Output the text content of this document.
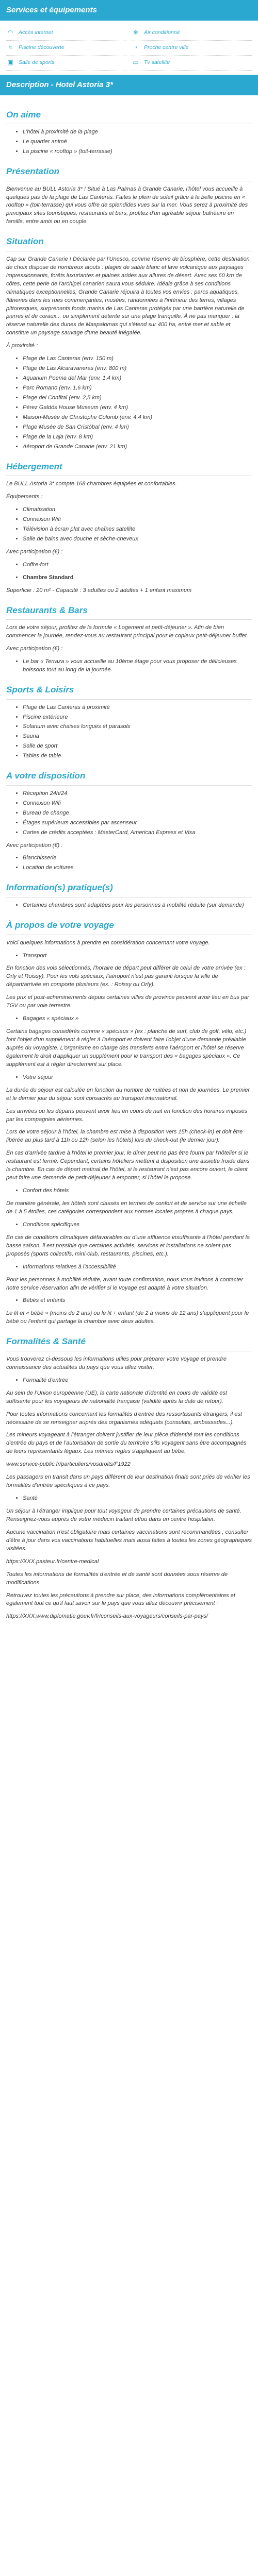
Services et équipements
◠ Accès internet	❄ Air conditionné
≈	Piscine découverte	◔	Proche centre ville
▣ Salle de sports	▭ Tv satellite
Description - Hotel Astoria 3*
On aime
• L'hôtel à proximité de la plage
• Le quartier animé
• La piscine « rooftop » (toit-terrasse)
Présentation

Bienvenue au BULL Astoria 3* ! Situé à Las Palmas à Grande Canarie, l'hôtel vous accueille à quelques pas de la plage de Las Canteras. Faites le plein de soleil grâce à la belle piscine en « rooftop » (toit-terrasse) qui vous offre de splendides vues sur la mer. Vous serez à proximité des principaux sites touristiques, restaurants et bars, profitez d'un agréable séjour balnéaire en famille, entre amis ou en couple.

Situation

Cap sur Grande Canarie ! Déclarée par l'Unesco, comme réserve de biosphère, cette destination de choix dispose de nombreux atouts : plages de sable blanc et lave volcanique aux paysages impressionnants, forêts luxuriantes et plaines arides aux allures de désert. Avec ses 60 km de côtes, cette perle de l'archipel canarien saura vous séduire. Idéale grâce à ses conditions climatiques exceptionnelles, Grande Canarie réjouira à toutes vos envies : parcs aquatiques, flâneries dans les rues commerçantes, musées, randonnées à l'intérieur des terres, villages pittoresques, surprenants fonds marins de Las Canteras protégés par une barrière naturelle de pierres et de coraux... ou simplement détente sur une plage tranquille. À ne pas manquer : la réserve naturelle des dunes de Maspalomas qui s'étend sur 400 ha, entre mer et sable et constitue un paysage sauvage d'une beauté inégalée.

À proximité :

• Plage de Las Canteras (env. 150 m)
• Plage de Las Alcaravaneras (env. 800 m)
• Aquarium Poema del Mar (env. 1,4 km)
• Parc Romano (env. 1,6 km)
• Plage del Confital (env. 2,5 km)
• Pérez Galdós House Museum (env. 4 km)
• Maison-Musée de Christophe Colomb (env. 4,4 km)
• Plage Musée de San Cristóbal (env. 4 km)
• Plage de la Laja (env. 8 km)
• Aéroport de Grande Canarie (env. 21 km)
Hébergement

Le BULL Astoria 3* compte 168 chambres équipées et confortables.

Équipements :

• Climatisation
• Connexion Wifi
• Télévision à écran plat avec chaînes satellite
• Salle de bains avec douche et sèche-cheveux

Avec participation (€) :

• Coffre-fort
• Chambre Standard

Superficie : 20 m² - Capacité : 3 adultes ou 2 adultes + 1 enfant maximum

Restaurants & Bars

Lors de votre séjour, profitez de la formule « Logement et petit-déjeuner ». Afin de bien commencer la journée, rendez-vous au restaurant principal pour le copieux petit-déjeuner buffet.

Avec participation (€) :

• Le bar « Terraza » vous accueille au 10ème étage pour vous proposer de délicieuses boissons tout au long de la journée.
Sports & Loisirs
• Plage de Las Canteras à proximité
• Piscine extérieure
• Solarium avec chaises longues et parasols
• Sauna
• Salle de sport
• Tables de table
A votre disposition
• Réception 24h/24
• Connexion Wifi
• Bureau de change
• Étages supérieurs accessibles par ascenseur
• Cartes de crédits acceptées : MasterCard, American Express et Visa

Avec participation (€) :

• Blanchisserie
• Location de voitures
Information(s) pratique(s)
• Certaines chambres sont adaptées pour les personnes à mobilité réduite (sur demande)
À propos de votre voyage

Voici quelques informations à prendre en considération concernant votre voyage.

• Transport

En fonction des vols sélectionnés, l'horaire de départ peut différer de celui de votre arrivée (ex : Orly et Roissy). Pour les vols spéciaux, l'aéroport n'est pas garanti lorsque la ville de départ/arrivée en comporte plusieurs (ex. : Roissy ou Orly).

Les prix et post-acheminements depuis certaines villes de province peuvent avoir lieu en bus par TGV ou par voie terrestre.

• Bagages « spéciaux »

Certains bagages considérés comme « spéciaux » (ex : planche de surf, club de golf, vélo, etc.) font l'objet d'un supplément à régler à l'aéroport et doivent faire l'objet d'une demande préalable auprès du voyagiste. L'organisme en charge des transferts entre l'aéroport et l'hôtel se réserve également le droit d'appliquer un supplément pour le transport des « bagages spéciaux ». Ce supplément est à régler directement sur place.

• Votre séjour

La durée du séjour est calculée en fonction du nombre de nuitées et non de journées. Le premier et le dernier jour du séjour sont consacrés au transport international.

Les arrivées ou les départs peuvent avoir lieu en cours de nuit en fonction des horaires imposés par les compagnies aériennes.

Lors de votre séjour à l'hôtel, la chambre est mise à disposition vers 15h (check-in) et doit être libérée au plus tard à 11h ou 12h (selon les hôtels) lors du check-out (le dernier jour).

En cas d'arrivée tardive à l'hôtel le premier jour, le dîner peut ne pas être fourni par l'hôtelier si le restaurant est fermé. Cependant, certains hôteliers mettent à disposition une assiette froide dans la chambre. En cas de départ matinal de l'hôtel, si le restaurant n'est pas encore ouvert, le client peut faire une demande de petit-déjeuner à emporter, si l'hôtel le propose.

• Confort des hôtels

De manière générale, les hôtels sont classés en termes de confort et de service sur une échelle de 1 à 5 étoiles, ces catégories correspondent aux normes locales propres à chaque pays.

• Conditions spécifiques

En cas de conditions climatiques défavorables ou d'une affluence insuffisante à l'hôtel pendant la basse saison, il est possible que certaines activités, services et installations ne soient pas proposés (sports collectifs, mini-club, restaurants, piscines, etc.).

• Informations relatives à l'accessibilité

Pour les personnes à mobilité réduite, avant toute confirmation, nous vous invitons à contacter notre service réservation afin de vérifier si le voyage est adapté à votre situation.

• Bébés et enfants

Le lit et « bébé » (moins de 2 ans) ou le lit + enfant (de 2 à moins de 12 ans) s'appliquent pour le bébé ou l'enfant qui partage la chambre avec deux adultes.

Formalités & Santé

Vous trouverez ci-dessous les informations utiles pour préparer votre voyage et prendre connaissance des actualités du pays que vous allez visiter.

• Formalité d'entrée

Au sein de l'Union européenne (UE), la carte nationale d'identité en cours de validité est suffisante pour les voyageurs de nationalité française (validité après la date de retour).

Pour toutes informations concernant les formalités d'entrée des ressortissants étrangers, il est nécessaire de se renseigner auprès des organismes adéquats (consulats, ambassades...).

Les mineurs voyageant à l'étranger doivent justifier de leur pièce d'identité tout les conditions d'entrée du pays et de l'autorisation de sortie du territoire s'ils voyagent sans être accompagnés de leurs représentants légaux. Les mêmes règles s'appliquent au bébé.

www.service-public.fr/particuliers/vosdroits/F1922

Les passagers en transit dans un pays différent de leur destination finale sont priés de vérifier les formalités d'entrée spécifiques à ce pays.

• Santé

Un séjour à l'étranger implique pour tout voyageur de prendre certaines précautions de santé. Renseignez-vous auprès de votre médecin traitant et/ou dans un centre hospitalier.

Aucune vaccination n'est obligatoire mais certaines vaccinations sont recommandées ; consulter d'être à jour dans vos vaccinations habituelles mais aussi faites à toutes les zones géographiques visitées.

https://XXX.pasteur.fr/centre-medical

Toutes les informations de formalités d'entrée et de santé sont données sous réserve de modifications.

Retrouvez toutes les précautions à prendre sur place, des informations complémentaires et également tout ce qu'il faut savoir sur le pays que vous allez découvrir précisément :

https://XXX.www.diplomatie.gouv.fr/fr/conseils-aux-voyageurs/conseils-par-pays/
